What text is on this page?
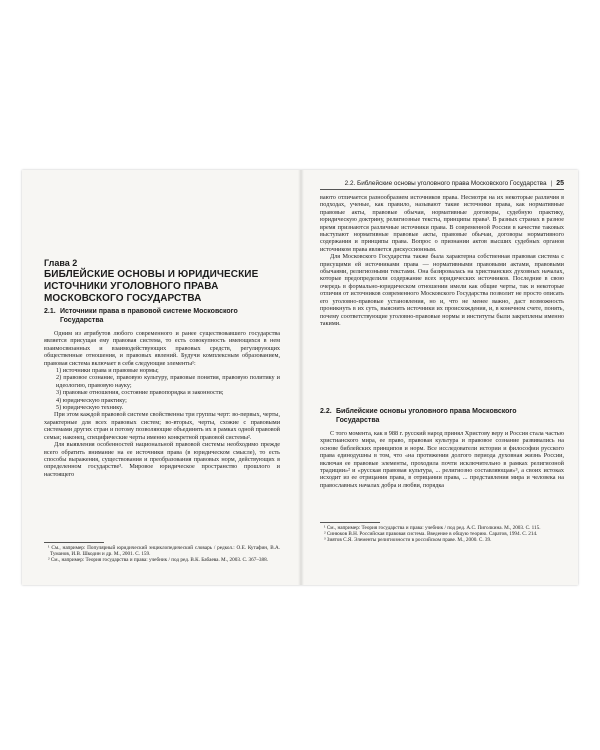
Глава 2
БИБЛЕЙСКИЕ ОСНОВЫ И ЮРИДИЧЕСКИЕ ИСТОЧНИКИ УГОЛОВНОГО ПРАВА МОСКОВСКОГО ГОСУДАРСТВА
2.1. Источники права в правовой системе Московского Государства

Одним из атрибутов любого современного и ранее существовавшего государства является присущая ему правовая система, то есть совокупность имеющихся в нем взаимосвязанных и взаимодействующих правовых средств, регулирующих общественные отношения, и правовых явлений. Будучи комплексным образованием, правовая система включает в себя следующие элементы¹:

1) источники права и правовые нормы;
2) правовое сознание, правовую культуру, правовые понятия, правовую политику и идеологию, правовую науку;
3) правовые отношения, состояние правопорядка и законности;
4) юридическую практику;
5) юридическую технику.

При этом каждой правовой системе свойственны три группы черт: во-первых, черты, характерные для всех правовых систем; во-вторых, черты, схожие с правовыми системами других стран и потому позволяющие объединять их в рамках одной правовой семьи; наконец, специфические черты именно конкретной правовой системы².

Для выявления особенностей национальной правовой системы необходимо прежде всего обратить внимание на ее источники права (в юридическом смысле), то есть способы выражения, существования и преобразования правовых норм, действующих в определенном государстве³. Мировое юридическое пространство прошлого и настоящего

¹ См., например: Популярный юридический энциклопедический словарь / редкол.: О.Е. Кутафин, В.А. Туманов, И.В. Шкодин и др. М., 2001. С. 159.

² См., например: Теория государства и права: учебник / под ред. В.К. Бабаева. М., 2003. С. 367–388.

2.2. Библейские основы уголовного права Московского Государства | 25

ваюто отличается разнообразием источников права. Несмотря на их некоторые различия в подходах, ученые, как правило, называют такие источники права, как нормативные правовые акты, правовые обычаи, нормативные договоры, судебную практику, юридическую доктрину, религиозные тексты, принципы права¹. В разных странах в разное время признаются различные источники права. В современной России в качестве таковых выступают нормативные правовые акты, правовые обычаи, договоры нормативного содержания и принципы права. Вопрос о признании актов высших судебных органов источником права является дискуссионным.

Для Московского Государства также была характерна собственная правовая система с присущими ей источниками права — нормативными правовыми актами, правовыми обычаями, религиозными текстами. Она базировалась на христианских духовных началах, которые предопределили содержание всех юридических источников. Последние в свою очередь в формально-юридическом отношении имели как общие черты, так и некоторые отличия от источников современного Московского Государства позволит не просто описать его уголовно-правовые установления, но и, что не менее важно, даст возможность проникнуть в их суть, выяснить источники их происхождения, и, в конечном счете, понять, почему соответствующие уголовно-правовые нормы и институты были закреплены именно такими.

2.2. Библейские основы уголовного права Московского Государства

С того момента, как в 988 г. русский народ принял Христову веру и Россия стала частью христианского мира, ее право, правовая культура и правовое сознание развивались на основе библейских принципов и норм. Все исследователи истории и философии русского права единодушны в том, что «на протяжении долгого периода духовная жизнь России, включая ее правовые элементы, проходила почти исключительно в рамках религиозной традиции»² и «русская правовая культура, ... религиозно составляющая»³, а своих истоках исходит из ее отрицания права, в отрицании права, ... представления мира и человека на православных началах добра и любви, порядка

¹ См., например: Теория государства и права: учебник / под ред. А.С. Пиголкина. М., 2003. С. 115.

² Синюков В.Н. Российская правовая система. Введение в общую теорию. Саратов, 1994. С. 214.

³ Зиятов С.Я. Элементы религиозности в российском праве. М., 2000. С. 39.
